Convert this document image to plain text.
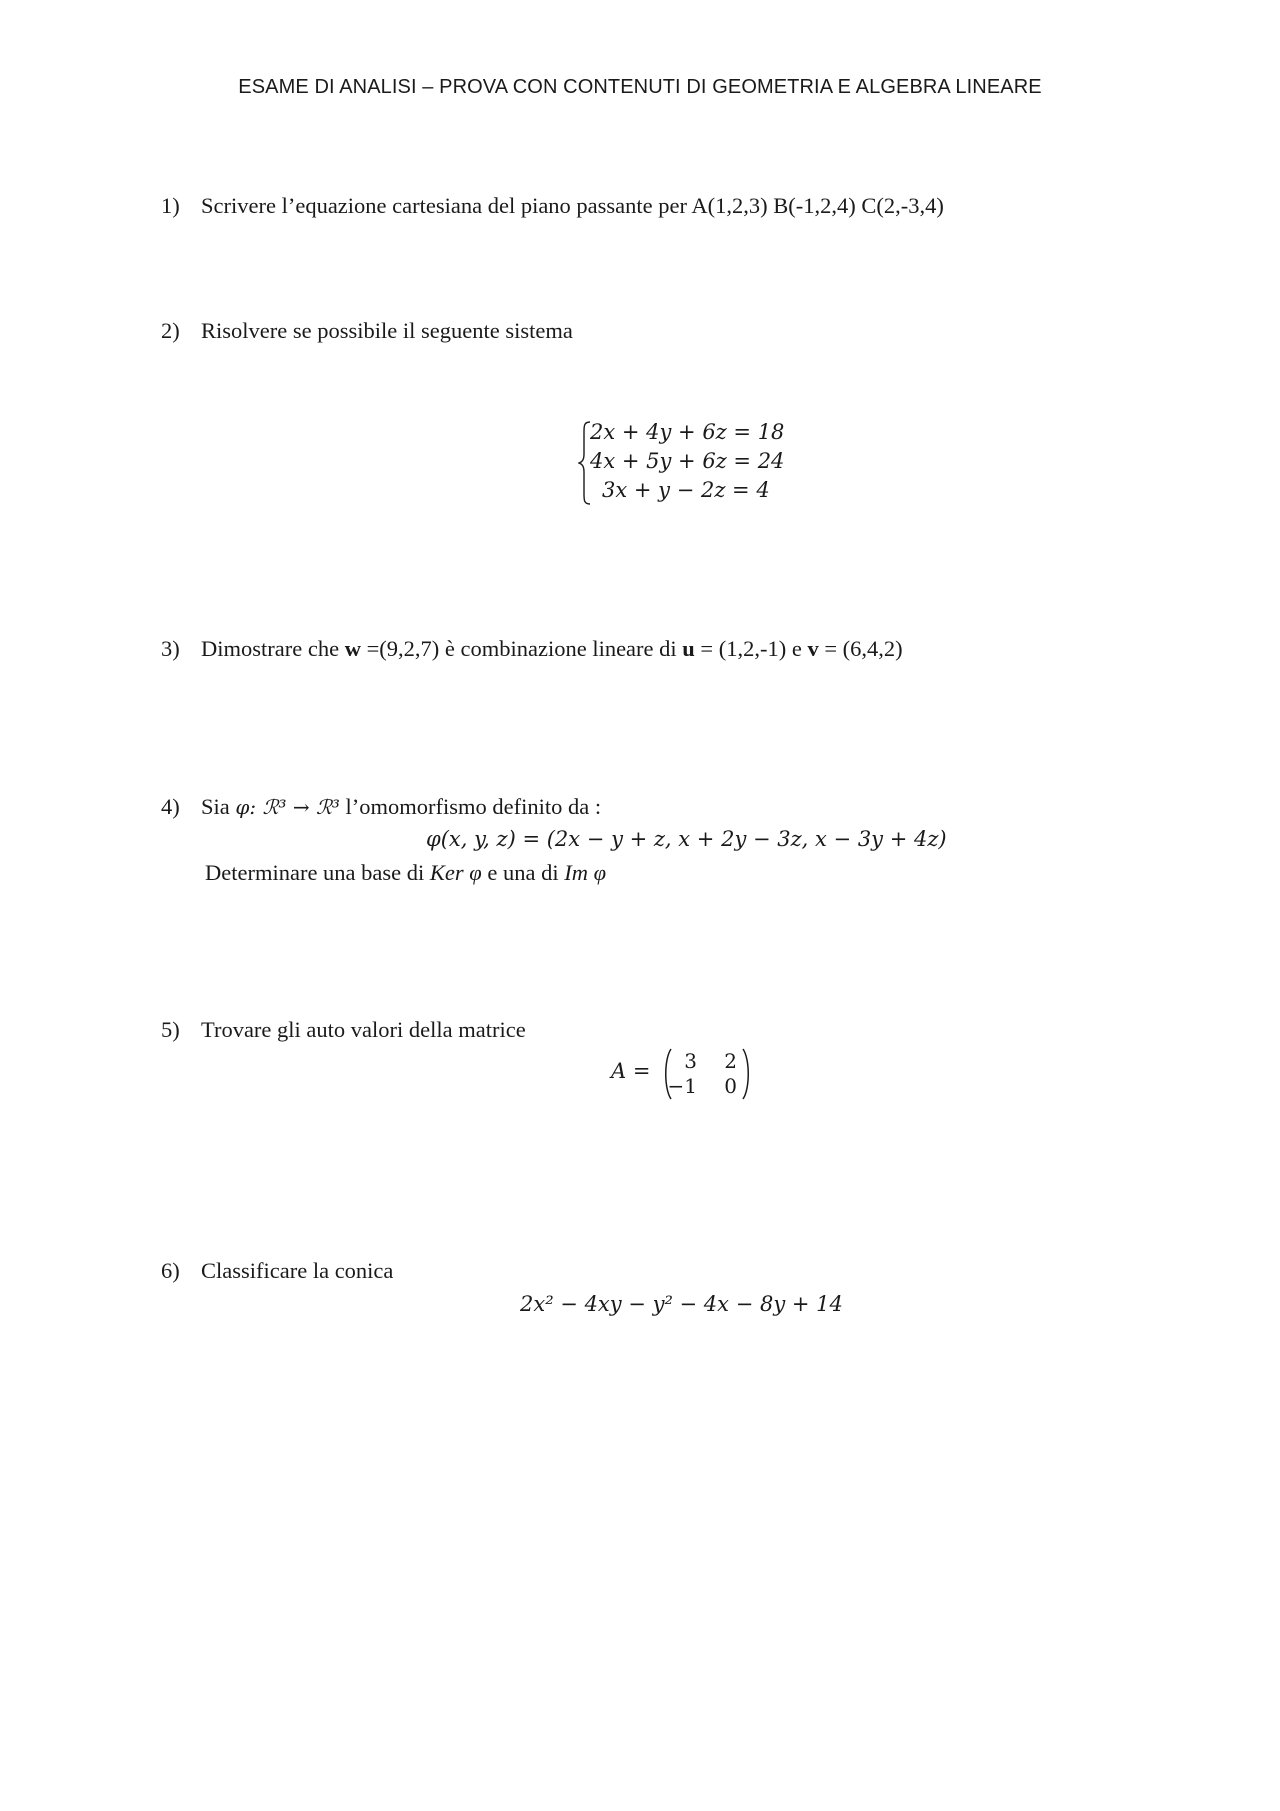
ESAME DI ANALISI – PROVA CON CONTENUTI DI GEOMETRIA E ALGEBRA LINEARE
1) Scrivere l’equazione cartesiana del piano passante per A(1,2,3) B(-1,2,4) C(2,-3,4)
2) Risolvere se possibile il seguente sistema
2x + 4y + 6z = 18
4x + 5y + 6z = 24
3x + y − 2z = 4
3) Dimostrare che w =(9,2,7) è combinazione lineare di u = (1,2,-1) e v = (6,4,2)
4) Sia φ: ℛ³ → ℛ³ l’omomorfismo definito da :
φ(x, y, z) = (2x − y + z, x + 2y − 3z, x − 3y + 4z)
Determinare una base di Ker φ e una di Im φ
5) Trovare gli auto valori della matrice
A =	3	2
−1	0
6) Classificare la conica
2x² − 4xy − y² − 4x − 8y + 14
